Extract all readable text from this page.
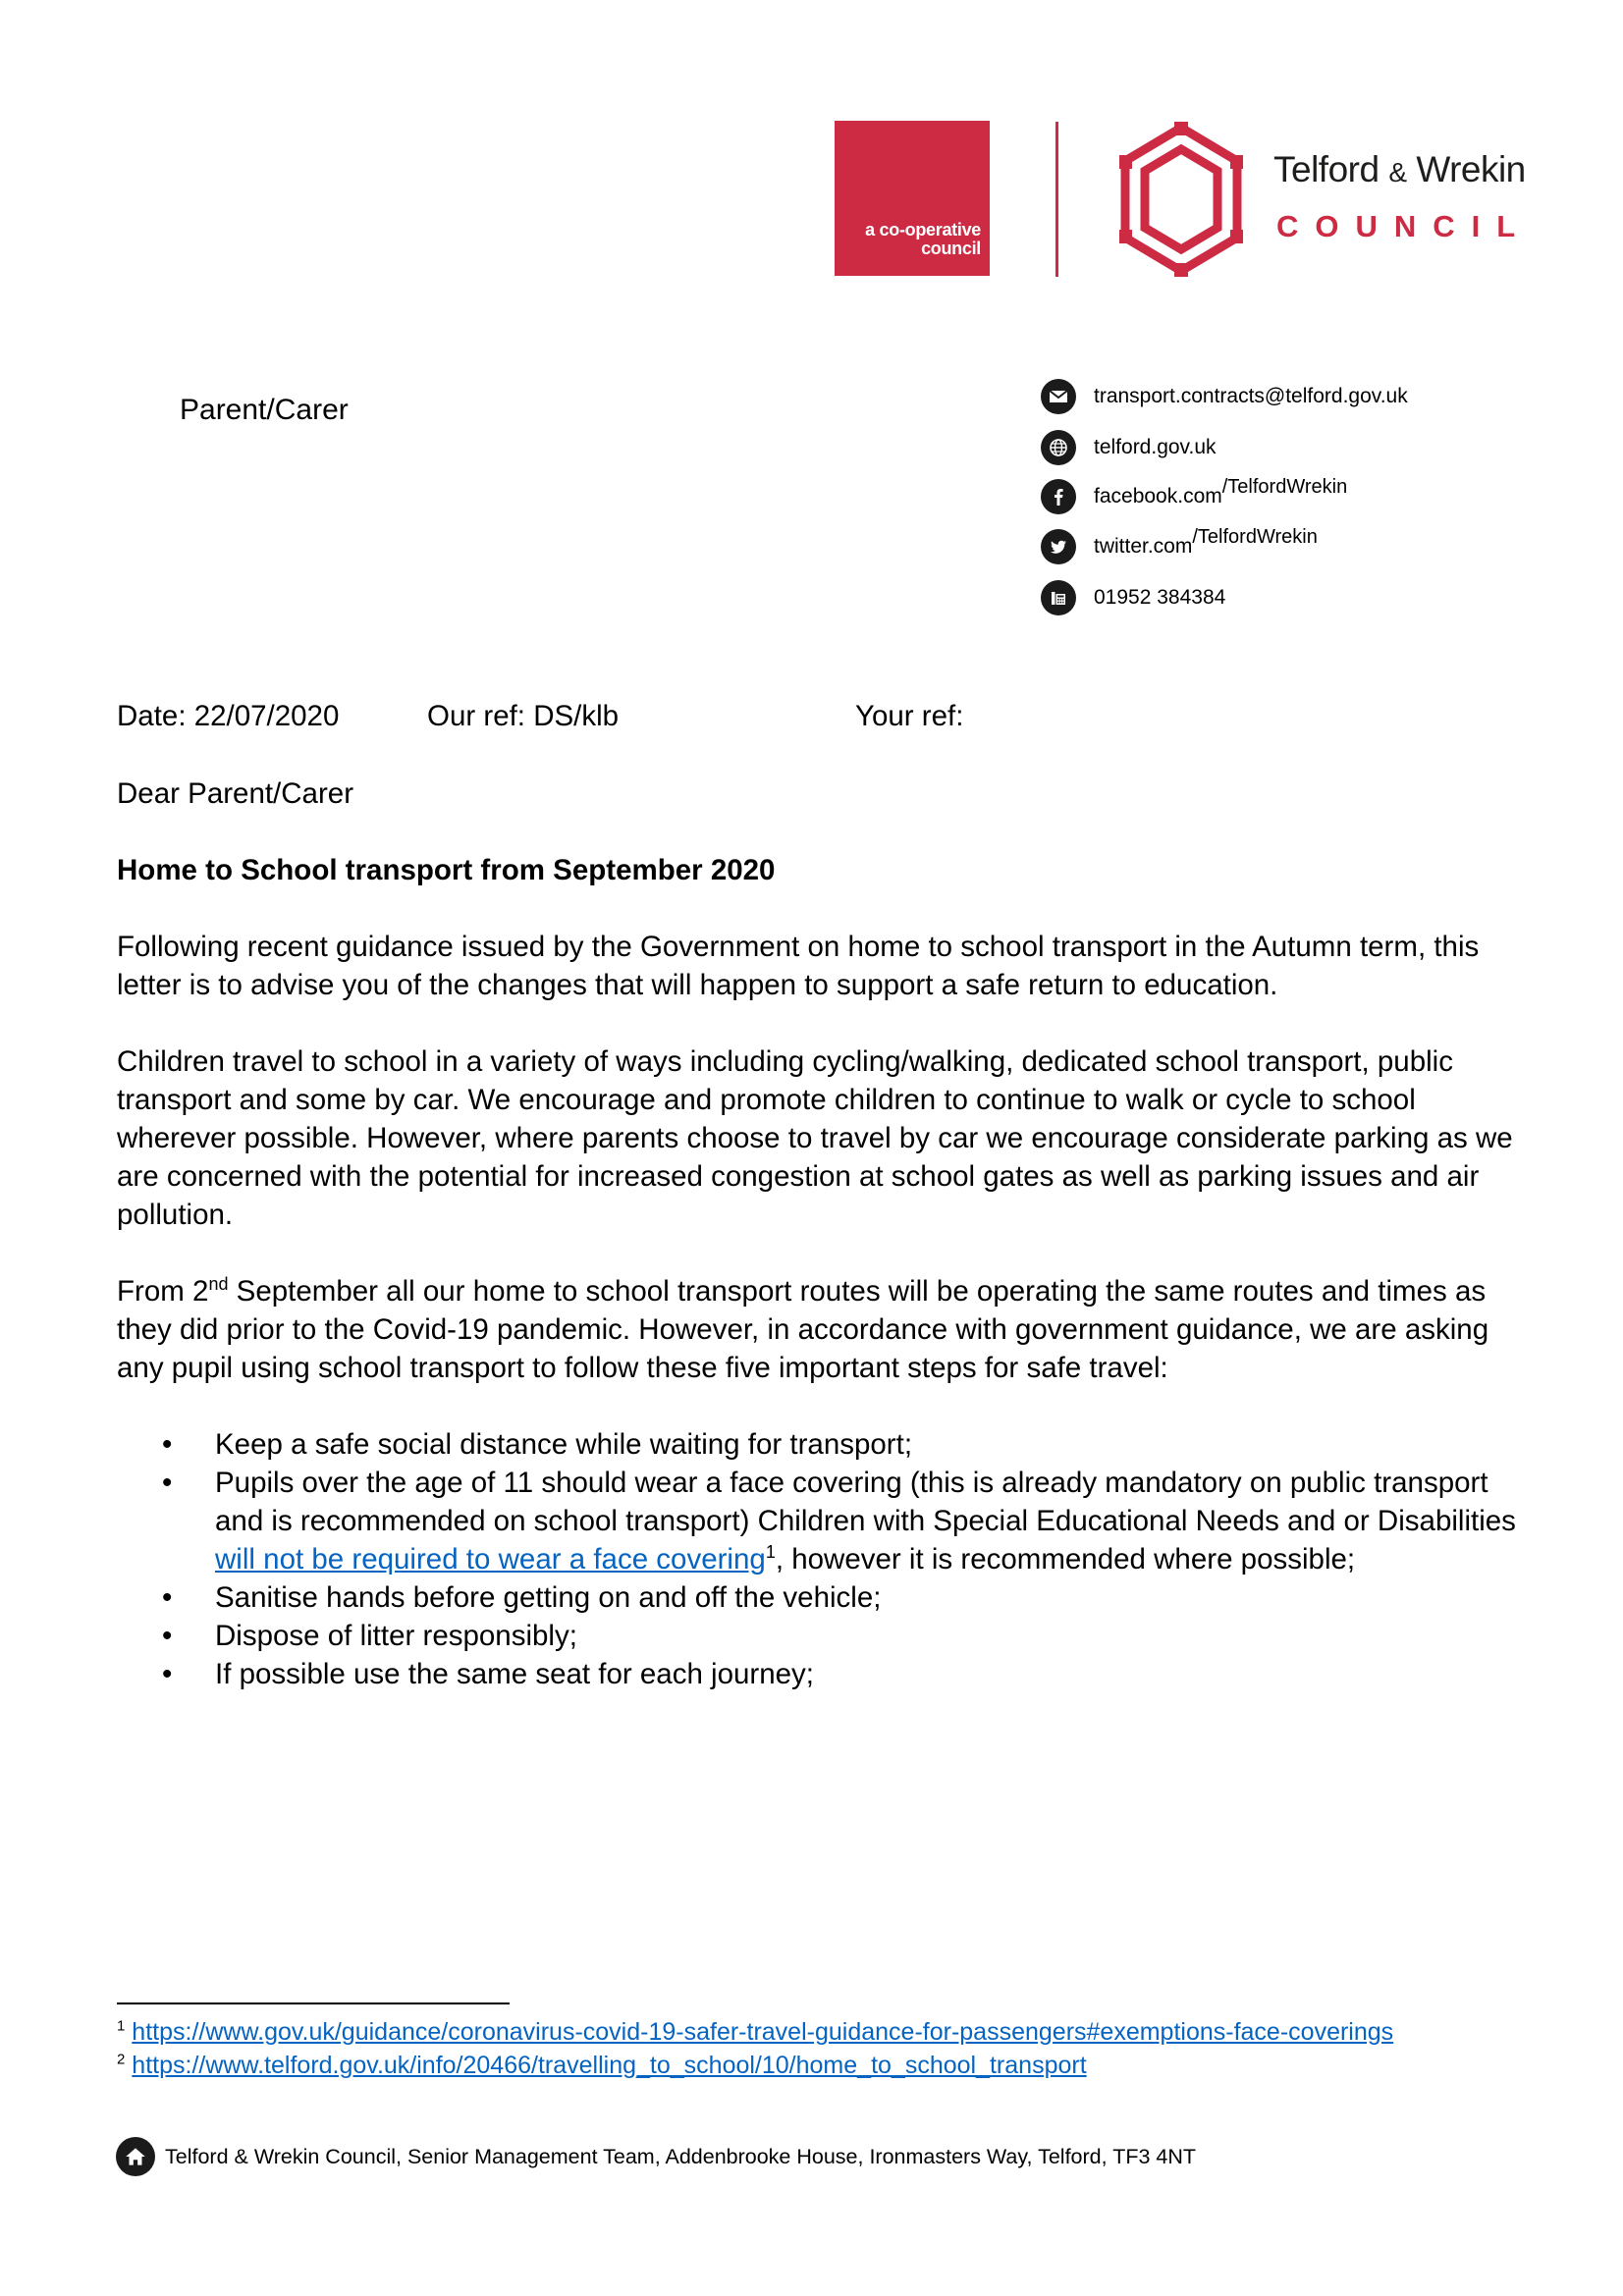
a co-operative
council
Telford & Wrekin
COUNCIL
Parent/Carer	transport.contracts@telford.gov.uk
telford.gov.uk
facebook.com /TelfordWrekin
twitter.com /TelfordWrekin
01952 384384
Date: 22/07/2020	Our ref: DS/klb	Your ref:
Dear Parent/Carer
Home to School transport from September 2020
Following recent guidance issued by the Government on home to school transport in the Autumn term, this letter is to advise you of the changes that will happen to support a safe return to education.
Children travel to school in a variety of ways including cycling/walking, dedicated school transport, public transport and some by car. We encourage and promote children to continue to walk or cycle to school wherever possible. However, where parents choose to travel by car we encourage considerate parking as we are concerned with the potential for increased congestion at school gates as well as parking issues and air pollution.
From 2nd September all our home to school transport routes will be operating the same routes and times as they did prior to the Covid-19 pandemic. However, in accordance with government guidance, we are asking any pupil using school transport to follow these five important steps for safe travel:
• Keep a safe social distance while waiting for transport;
• Pupils over the age of 11 should wear a face covering (this is already mandatory on public transport and is recommended on school transport) Children with Special Educational Needs and or Disabilities will not be required to wear a face covering$^1$, however it is recommended where possible;
• Sanitise hands before getting on and off the vehicle;
• Dispose of litter responsibly;
• If possible use the same seat for each journey;
$^1$ https://www.gov.uk/guidance/coronavirus-covid-19-safer-travel-guidance-for-passengers#exemptions-face-coverings
$^2$ https://www.telford.gov.uk/info/20466/travelling_to_school/10/home_to_school_transport
Telford & Wrekin Council, Senior Management Team, Addenbrooke House, Ironmasters Way, Telford, TF3 4NT
